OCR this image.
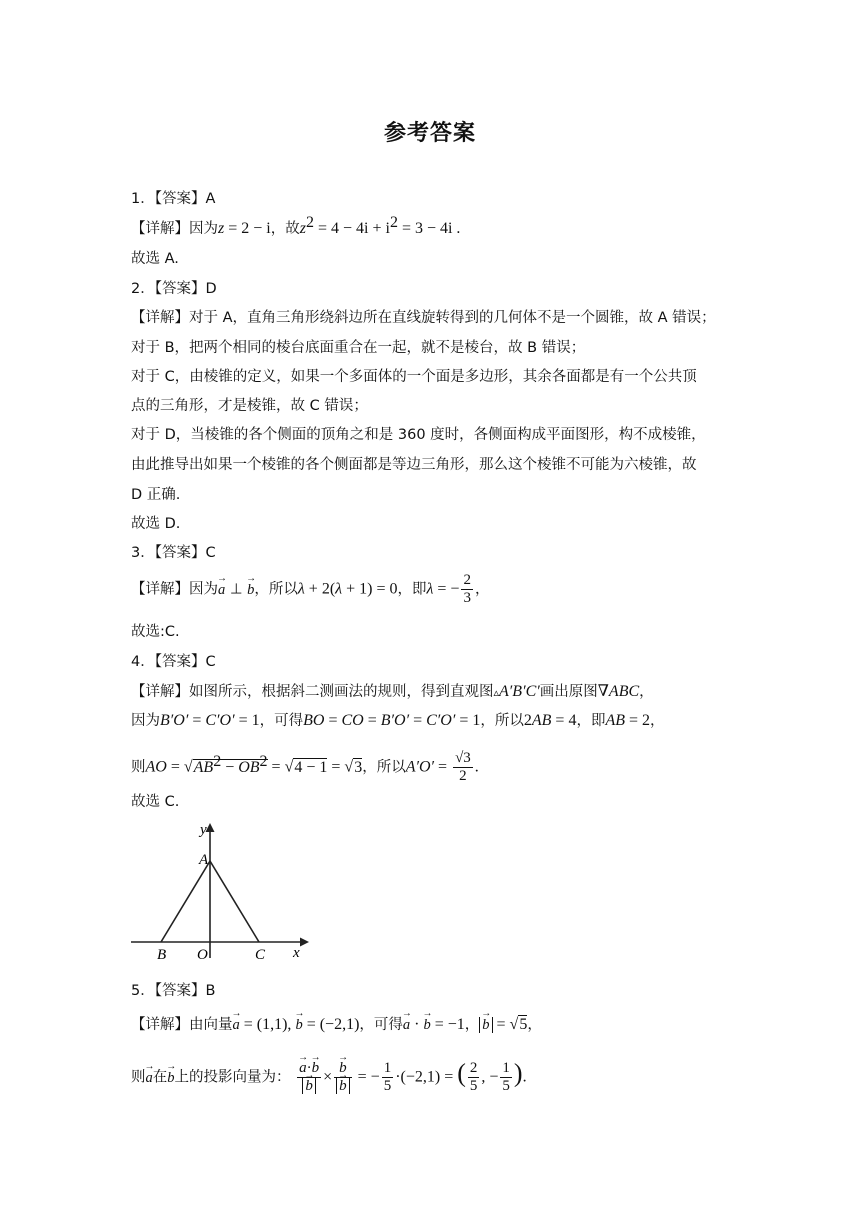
参考答案
1．【答案】A
【详解】因为z = 2 − i，故$z^2 = 4 - 4i + i^2 = 3 - 4i$ .
故选 A.
2．【答案】D
【详解】对于 A，直角三角形绕斜边所在直线旋转得到的几何体不是一个圆锥，故 A 错误；
对于 B，把两个相同的棱台底面重合在一起，就不是棱台，故 B 错误；
对于 C，由棱锥的定义，如果一个多面体的一个面是多边形，其余各面都是有一个公共顶
点的三角形，才是棱锥，故 C 错误；
对于 D，当棱锥的各个侧面的顶角之和是 360 度时，各侧面构成平面图形，构不成棱锥，
由此推导出如果一个棱锥的各个侧面都是等边三角形，那么这个棱锥不可能为六棱锥，故
D 正确.
故选 D.
3．【答案】C
【详解】因为→ a ⊥ → b，所以λ + 2(λ + 1) = 0，即λ = − $\frac{2}{3}$ ，
故选:C.
4．【答案】C
【详解】如图所示，根据斜二测画法的规则，得到直观图▵A′B′C′画出原图∇ABC，
因为B′O′ = C′O′ = 1，可得BO = CO = B′O′ = C′O′ = 1，所以2AB = 4，即AB = 2，
则AO = $√AB^2 - OB^2 = √4 - 1 = √3$，所以$A'O' = \frac{√3}{2}$ .
故选 C.
y
x
A
B O	C
5．【答案】B
【详解】由向量→ a = (1,1), → b = (−2,1)，可得→ a · → b = −1， → b = √5，
则→ a在→ b上的投影向量为： → a·→ b
→ b × → b
→ b = − $\frac{1}{5} \cdot(-2,1)$ = ( $\frac{2}{5}$ , − $\frac{1}{5}$ ).
